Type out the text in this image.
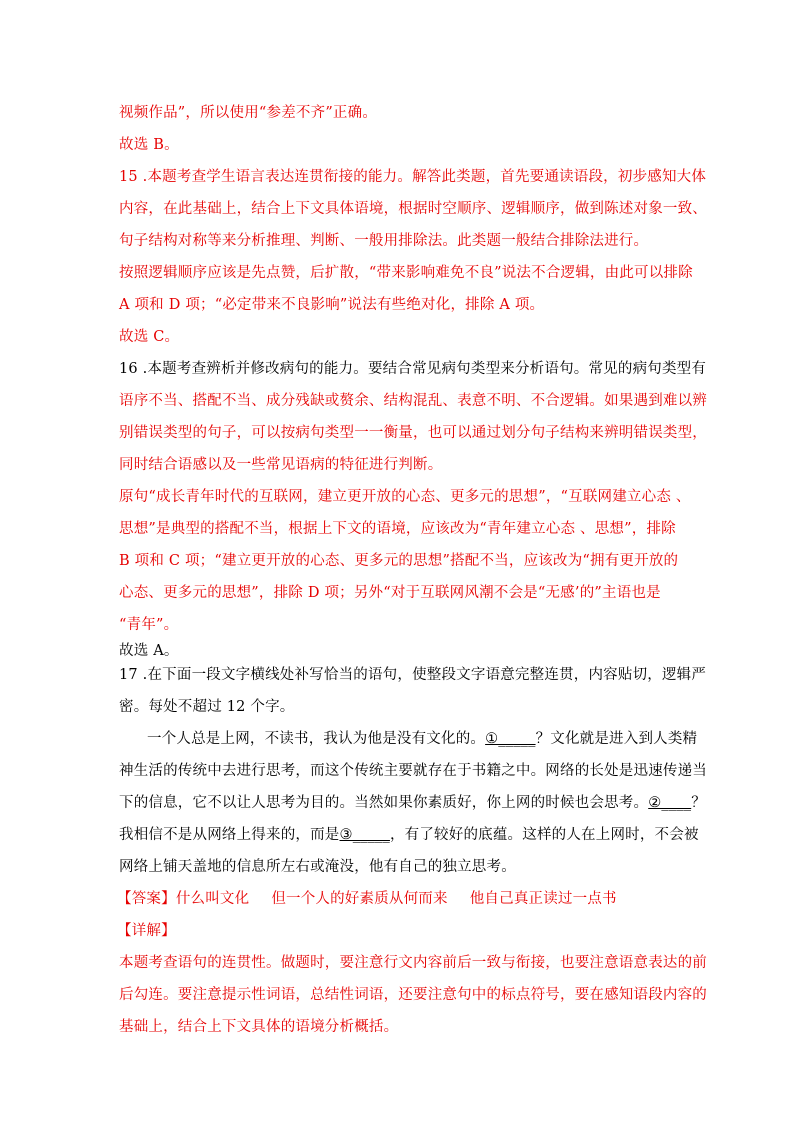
视频作品”，所以使用“参差不齐”正确。
故选 B。
15 .本题考查学生语言表达连贯衔接的能力。解答此类题，首先要通读语段，初步感知大体
内容，在此基础上，结合上下文具体语境，根据时空顺序、逻辑顺序，做到陈述对象一致、
句子结构对称等来分析推理、判断、一般用排除法。此类题一般结合排除法进行。
按照逻辑顺序应该是先点赞，后扩散，“带来影响难免不良”说法不合逻辑，由此可以排除
A 项和 D 项；“必定带来不良影响”说法有些绝对化，排除 A 项。
故选 C。
16 .本题考查辨析并修改病句的能力。要结合常见病句类型来分析语句。常见的病句类型有
语序不当、搭配不当、成分残缺或赘余、结构混乱、表意不明、不合逻辑。如果遇到难以辨
别错误类型的句子，可以按病句类型一一衡量，也可以通过划分句子结构来辨明错误类型，
同时结合语感以及一些常见语病的特征进行判断。
原句“成长青年时代的互联网，建立更开放的心态、更多元的思想”，“互联网建立心态 、
思想”是典型的搭配不当，根据上下文的语境，应该改为“青年建立心态 、思想”，排除
B 项和 C 项；“建立更开放的心态、更多元的思想”搭配不当，应该改为“拥有更开放的
心态、更多元的思想”，排除 D 项；另外“对于互联网风潮不会是“无感’的”主语也是
“青年”。
故选 A。
17 .在下面一段文字横线处补写恰当的语句，使整段文字语意完整连贯，内容贴切，逻辑严
密。每处不超过 12 个字。
一个人总是上网，不读书，我认为他是没有文化的。①_____？文化就是进入到人类精
神生活的传统中去进行思考，而这个传统主要就存在于书籍之中。网络的长处是迅速传递当
下的信息，它不以让人思考为目的。当然如果你素质好，你上网的时候也会思考。②____？
我相信不是从网络上得来的，而是③_____，有了较好的底蕴。这样的人在上网时，不会被
网络上铺天盖地的信息所左右或淹没，他有自己的独立思考。
【答案】什么叫文化 但一个人的好素质从何而来 他自己真正读过一点书
【详解】
本题考查语句的连贯性。做题时，要注意行文内容前后一致与衔接，也要注意语意表达的前
后勾连。要注意提示性词语，总结性词语，还要注意句中的标点符号，要在感知语段内容的
基础上，结合上下文具体的语境分析概括。
